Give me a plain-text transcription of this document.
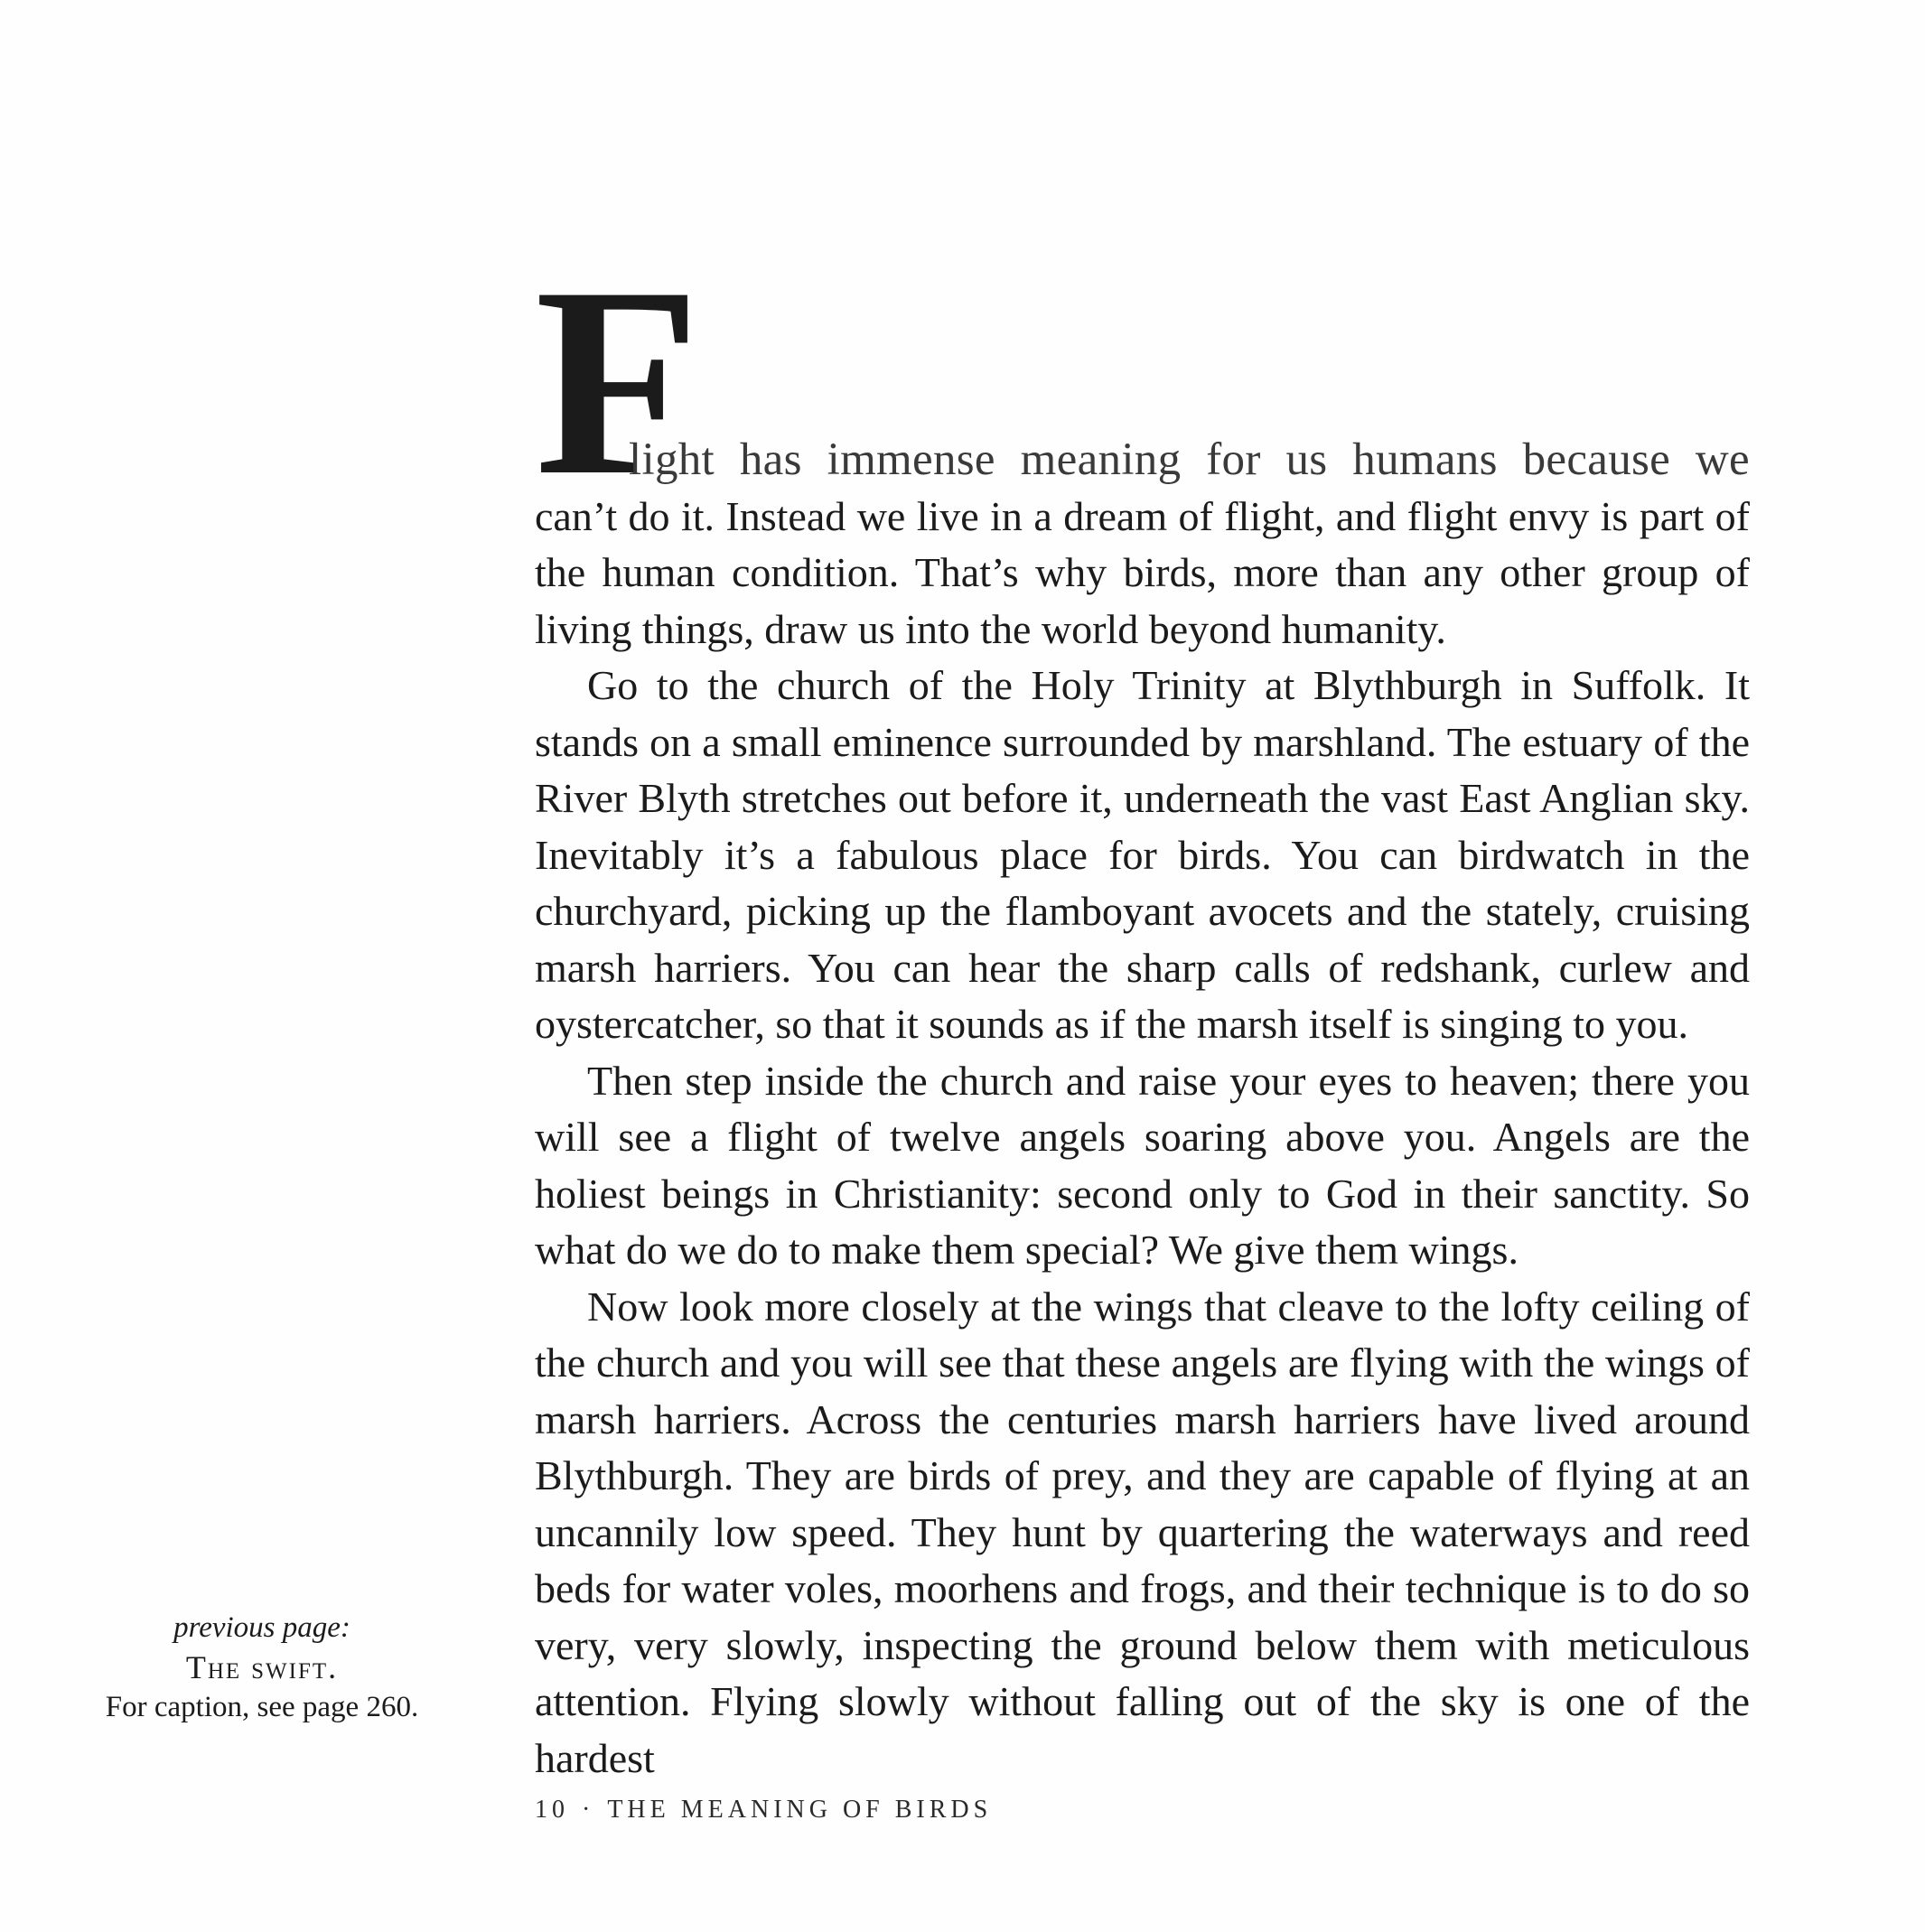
F

light has immense meaning for us humans because we
can’t do it. Instead we live in a dream of flight, and flight envy is part of the human condition. That’s why birds, more than any other group of living things, draw us into the world beyond humanity.

Go to the church of the Holy Trinity at Blythburgh in Suffolk. It stands on a small eminence surrounded by marshland. The estuary of the River Blyth stretches out before it, underneath the vast East Anglian sky. Inevitably it’s a fabulous place for birds. You can birdwatch in the churchyard, picking up the flamboyant avocets and the stately, cruising marsh harriers. You can hear the sharp calls of redshank, curlew and oystercatcher, so that it sounds as if the marsh itself is singing to you.

Then step inside the church and raise your eyes to heaven; there you will see a flight of twelve angels soaring above you. Angels are the holiest beings in Christianity: second only to God in their sanctity. So what do we do to make them special? We give them wings.

Now look more closely at the wings that cleave to the lofty ceiling of the church and you will see that these angels are flying with the wings of marsh harriers. Across the centuries marsh harriers have lived around Blythburgh. They are birds of prey, and they are capable of flying at an uncannily low speed. They hunt by quartering the waterways and reed beds for water voles, moorhens and frogs, and their technique is to do so very, very slowly, inspecting the ground below them with meticulous attention. Flying slowly without falling out of the sky is one of the hardest

previous page:
The swift.
For caption, see page 260.
10 · THE MEANING OF BIRDS
